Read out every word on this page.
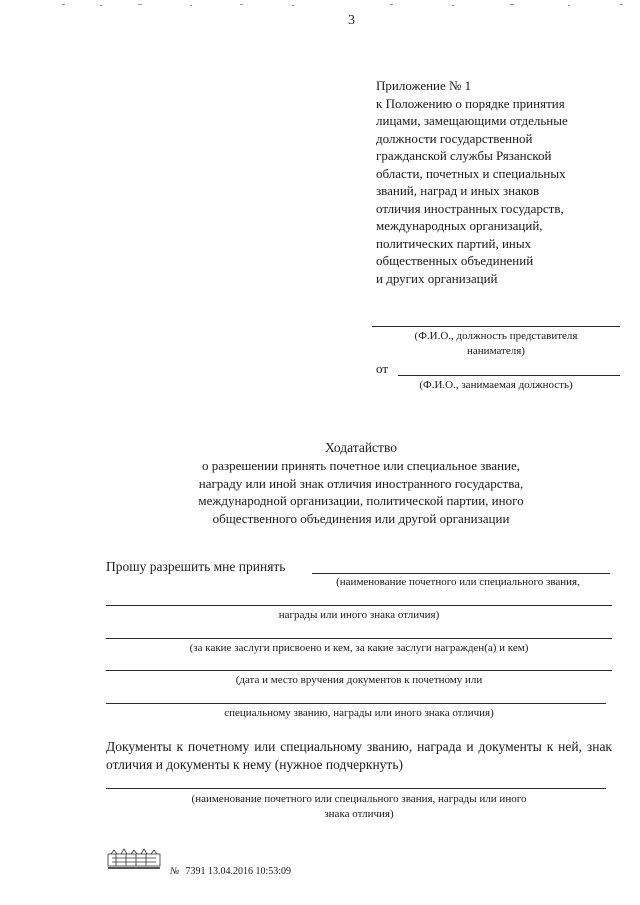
3
Приложение № 1
к Положению о порядке принятия
лицами, замещающими отдельные
должности государственной
гражданской службы Рязанской
области, почетных и специальных
званий, наград и иных знаков
отличия иностранных государств,
международных организаций,
политических партий, иных
общественных объединений
и других организаций
(Ф.И.О., должность представителя
нанимателя)
от
(Ф.И.О., занимаемая должность)
Ходатайство
о разрешении принять почетное или специальное звание,
награду или иной знак отличия иностранного государства,
международной организации, политической партии, иного
общественного объединения или другой организации
Прошу разрешить мне принять
(наименование почетного или специального звания,
награды или иного знака отличия)
(за какие заслуги присвоено и кем, за какие заслуги награжден(а) и кем)
(дата и место вручения документов к почетному или
специальному званию, награды или иного знака отличия)
Документы к почетному или специальному званию, награда и документы к ней, знак отличия и документы к нему (нужное подчеркнуть)
(наименование почетного или специального звания, награды или иного
знака отличия)
№ 7391 13.04.2016 10:53:09
